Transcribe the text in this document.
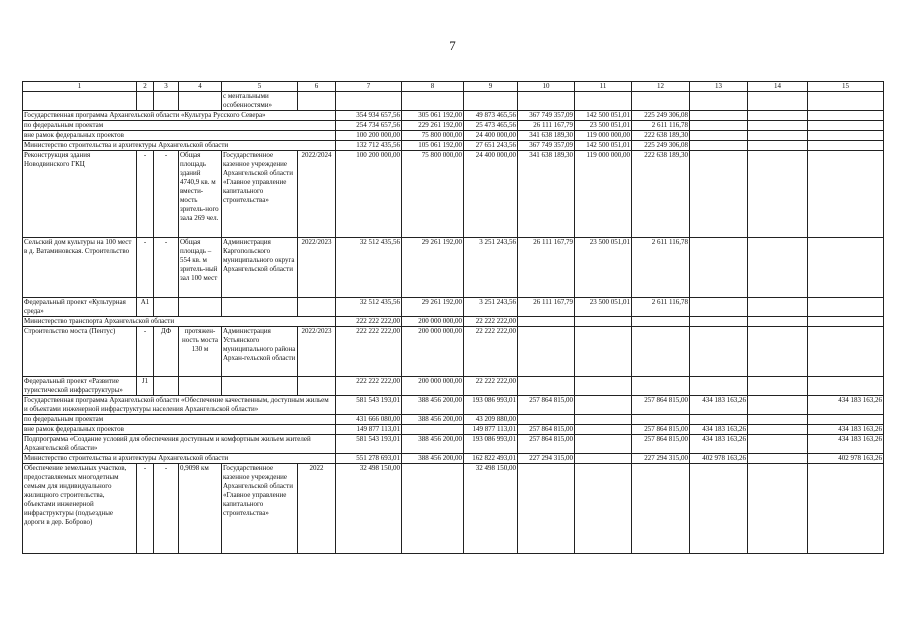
7
1	2	3	4	5	6	7	8	9	10	11	12	13	14	15
				с ментальными особенностями»										
Государственная программа Архангельской области «Культура Русского Севера»						354 934 657,56	305 061 192,00	49 873 465,56	367 749 357,09	142 500 051,01	225 249 306,08			
по федеральным проектам						254 734 657,56	229 261 192,00	25 473 465,56	26 111 167,79	23 500 051,01	2 611 116,78			
вне рамок федеральных проектов						100 200 000,00	75 800 000,00	24 400 000,00	341 638 189,30	119 000 000,00	222 638 189,30			
Министерство строительства и архитектуры Архангельской области						132 712 435,56	105 061 192,00	27 651 243,56	367 749 357,09	142 500 051,01	225 249 306,08			
Реконструкция здания Новодвинского ГКЦ	-	-	Общая площадь зданий 4740,9 кв. м вмести-мость зритель-ного зала 269 чел.	Государственное казенное учреждение Архангельской области «Главное управление капитального строительства»	2022/2024	100 200 000,00	75 800 000,00	24 400 000,00	341 638 189,30	119 000 000,00	222 638 189,30			
Сельский дом культуры на 100 мест в д. Ватаминовская. Строительство	-	-	Общая площадь – 554 кв. м зритель-ный зал 100 мест	Администрация Каргопольского муниципального округа Архангельской области	2022/2023	32 512 435,56	29 261 192,00	3 251 243,56	26 111 167,79	23 500 051,01	2 611 116,78			
Федеральный проект «Культурная среда»	A1					32 512 435,56	29 261 192,00	3 251 243,56	26 111 167,79	23 500 051,01	2 611 116,78			
Министерство транспорта Архангельской области						222 222 222,00	200 000 000,00	22 222 222,00						
Строительство моста (Пентус)	-	ДФ	протяжен-ность моста 130 м	Администрация Устьянского муниципального района Архан-гельской области	2022/2023	222 222 222,00	200 000 000,00	22 222 222,00						
Федеральный проект «Развитие туристической инфраструктуры»	J1					222 222 222,00	200 000 000,00	22 222 222,00						
Государственная программа Архангельской области «Обеспечение качественным, доступным жильем и объектами инженерной инфраструктуры населения Архангельской области»						581 543 193,01	388 456 200,00	193 086 993,01	257 864 815,00		257 864 815,00	434 183 163,26		434 183 163,26
по федеральным проектам						431 666 080,00	388 456 200,00	43 209 880,00						
вне рамок федеральных проектов						149 877 113,01		149 877 113,01	257 864 815,00		257 864 815,00	434 183 163,26		434 183 163,26
Подпрограмма «Создание условий для обеспечения доступным и комфортным жильем жителей Архангельской области»						581 543 193,01	388 456 200,00	193 086 993,01	257 864 815,00		257 864 815,00	434 183 163,26		434 183 163,26
Министерство строительства и архитектуры Архангельской области						551 278 693,01	388 456 200,00	162 822 493,01	227 294 315,00		227 294 315,00	402 978 163,26		402 978 163,26
Обеспечение земельных участков, предоставляемых многодетным семьям для индивидуального жилищного строительства, объектами инженерной инфраструктуры (подъездные дороги в дер. Боброво)	-	-	0,9098 км	Государственное казенное учреждение Архангельской области «Главное управление капитального строительства»	2022	32 498 150,00		32 498 150,00						
